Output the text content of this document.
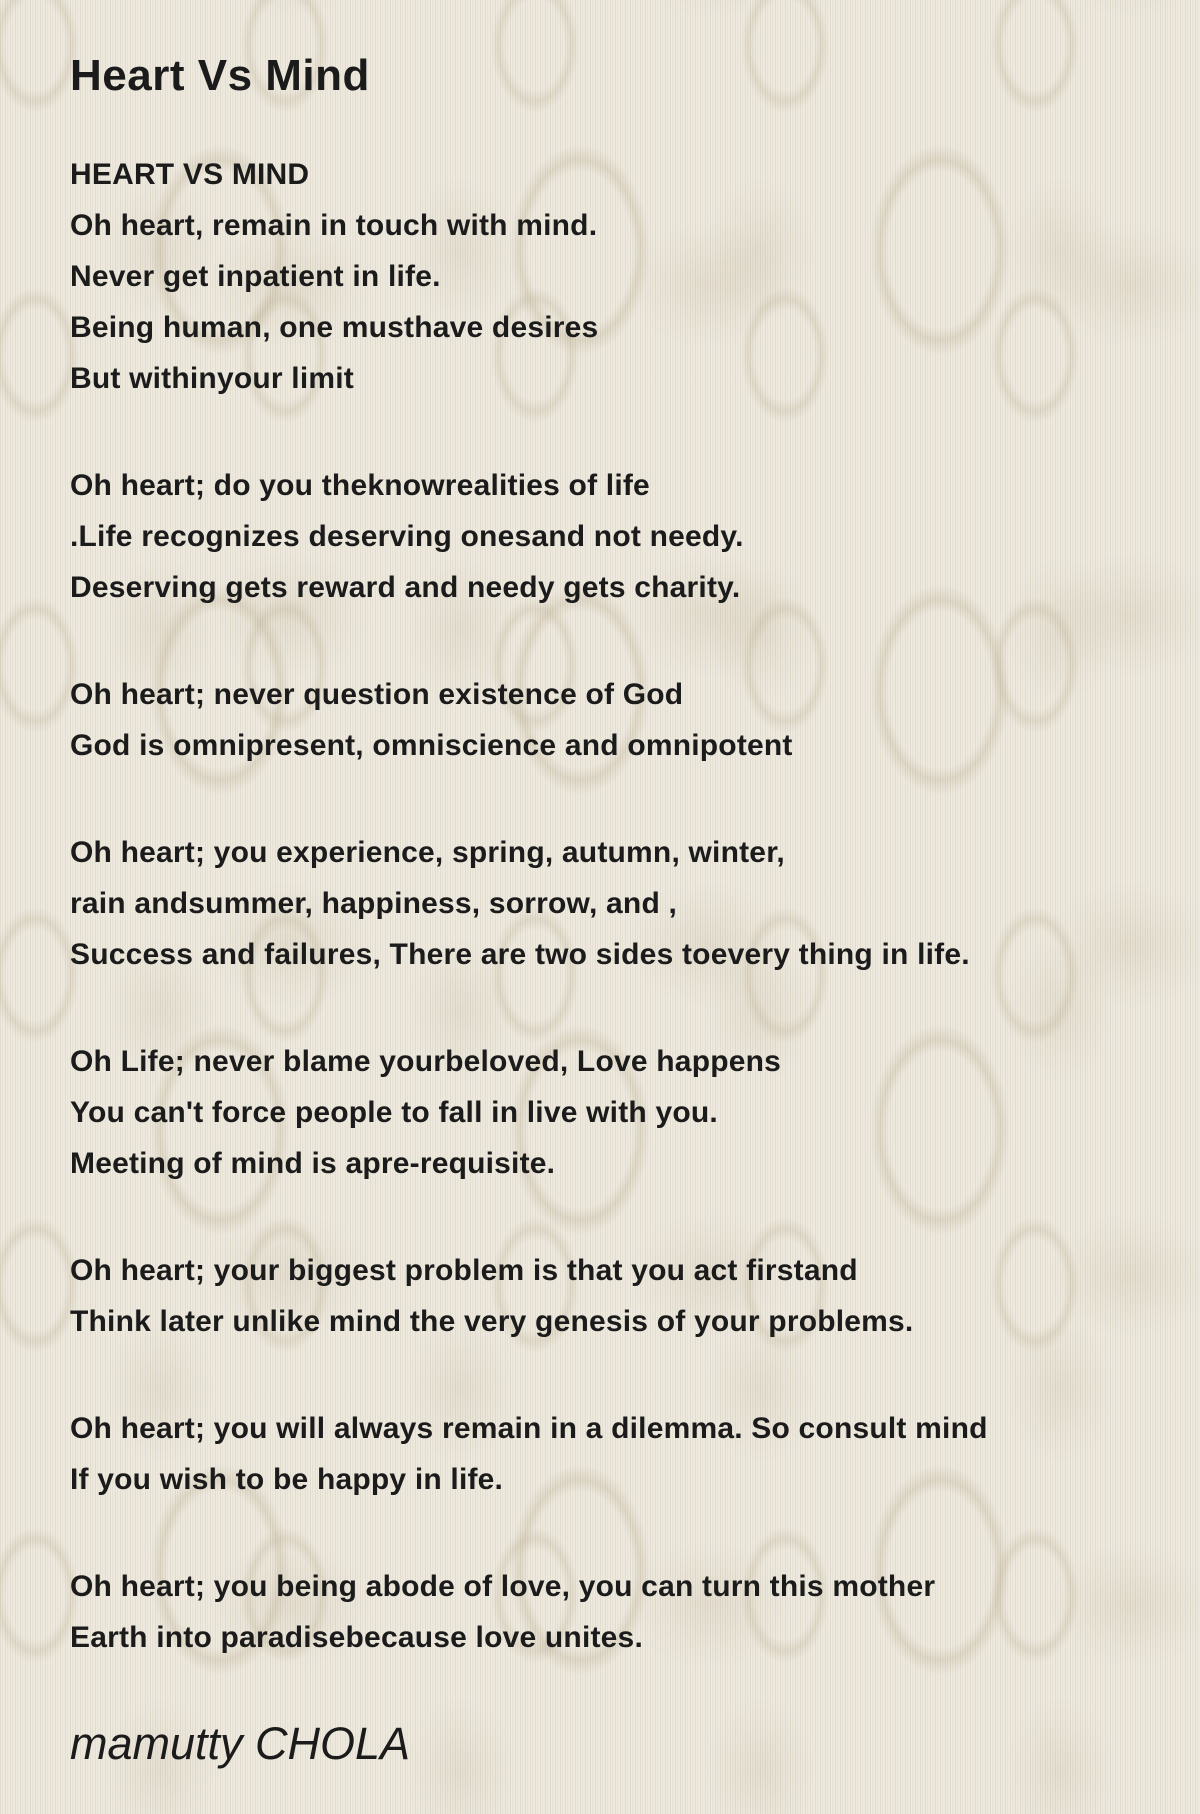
Heart Vs Mind

HEART VS MIND

Oh heart, remain in touch with mind.

Never get inpatient in life.

Being human, one musthave desires

But withinyour limit

Oh heart; do you theknowrealities of life

.Life recognizes deserving onesand not needy.

Deserving gets reward and needy gets charity.

Oh heart; never question existence of God

God is omnipresent, omniscience and omnipotent

Oh heart; you experience, spring, autumn, winter,

rain andsummer, happiness, sorrow, and ,

Success and failures, There are two sides toevery thing in life.

Oh Life; never blame yourbeloved, Love happens

You can't force people to fall in live with you.

Meeting of mind is apre-requisite.

Oh heart; your biggest problem is that you act firstand

Think later unlike mind the very genesis of your problems.

Oh heart; you will always remain in a dilemma. So consult mind

If you wish to be happy in life.

Oh heart; you being abode of love, you can turn this mother

Earth into paradisebecause love unites.

mamutty CHOLA
